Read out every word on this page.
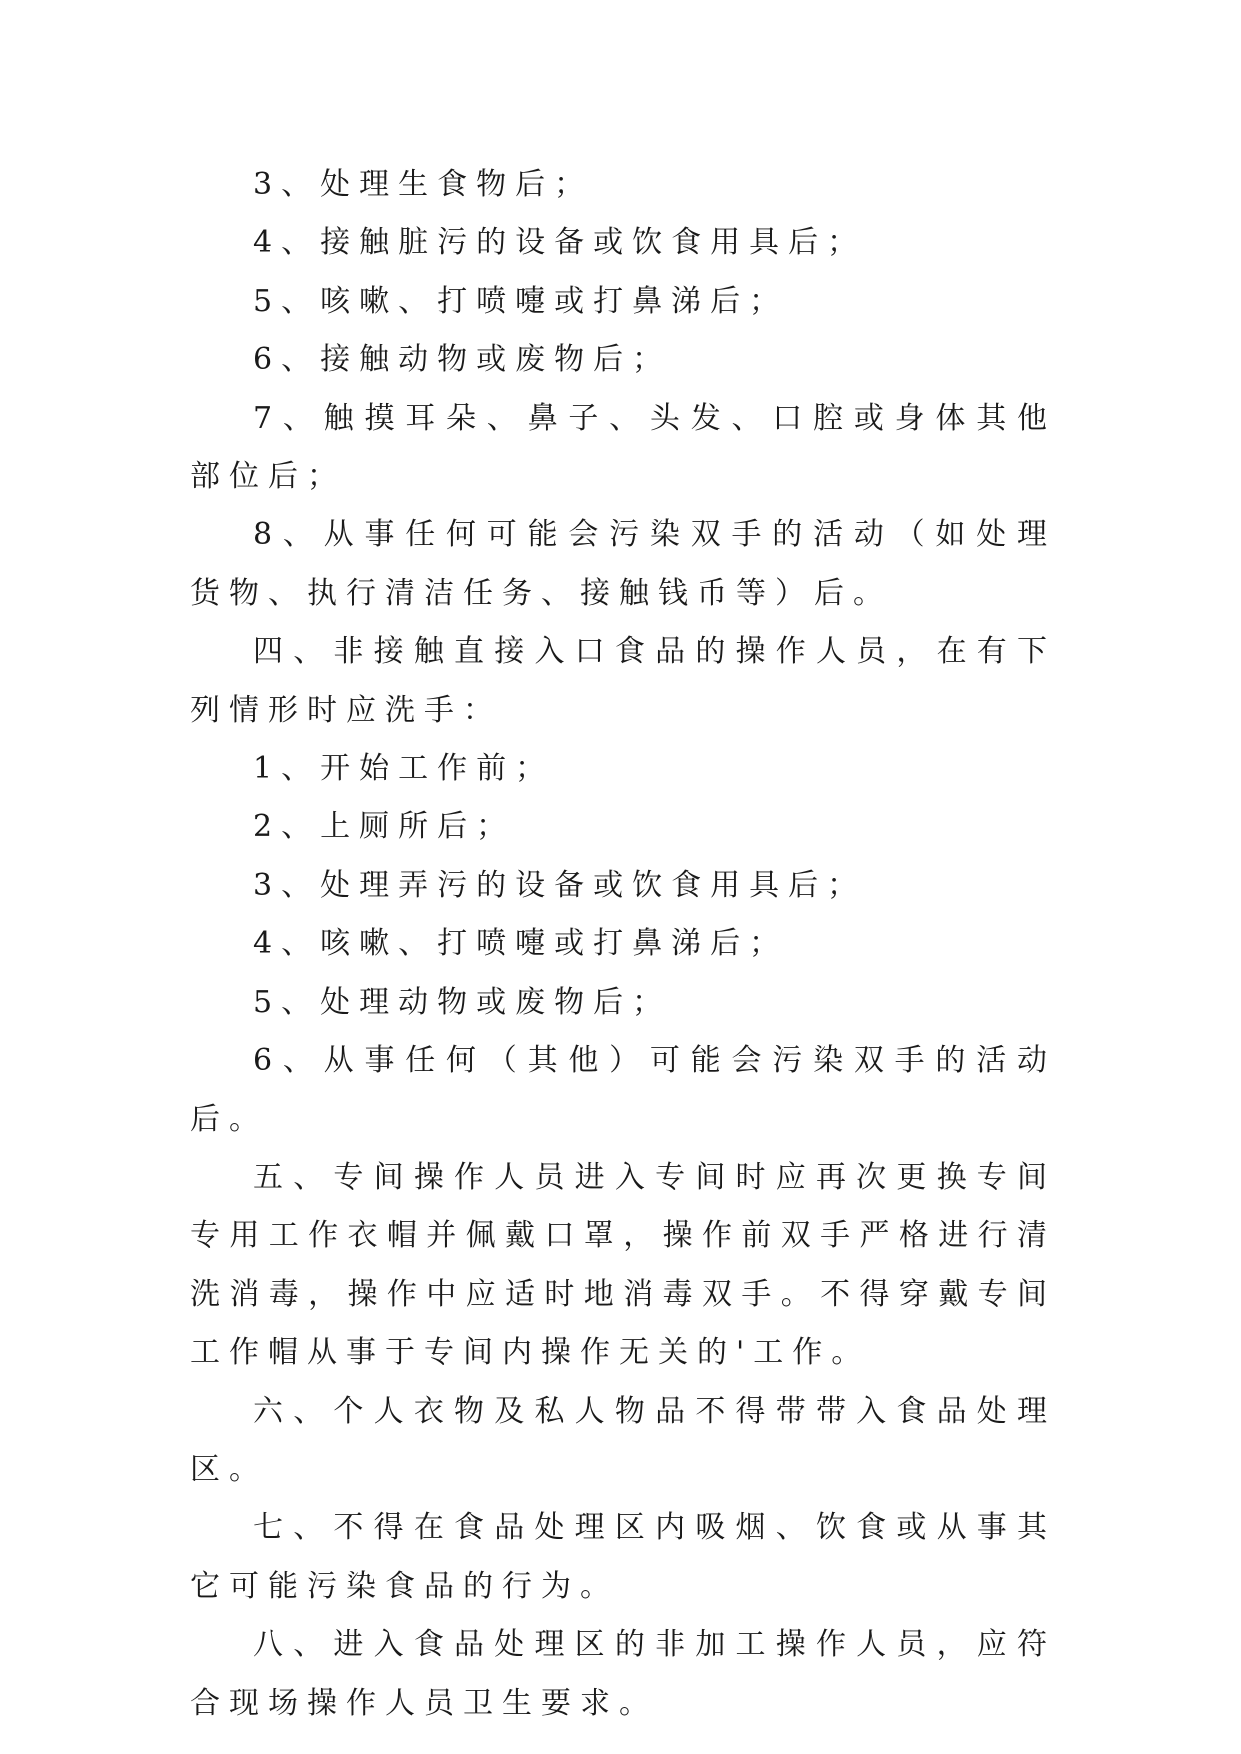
3、处理生食物后；

4、接触脏污的设备或饮食用具后；

5、咳嗽、打喷嚏或打鼻涕后；

6、接触动物或废物后；

7、触摸耳朵、鼻子、头发、口腔或身体其他部位后；

8、从事任何可能会污染双手的活动（如处理货物、执行清洁任务、接触钱币等）后。

四、非接触直接入口食品的操作人员，在有下列情形时应洗手：

1、开始工作前；

2、上厕所后；

3、处理弄污的设备或饮食用具后；

4、咳嗽、打喷嚏或打鼻涕后；

5、处理动物或废物后；

6、从事任何（其他）可能会污染双手的活动后。

五、专间操作人员进入专间时应再次更换专间专用工作衣帽并佩戴口罩，操作前双手严格进行清洗消毒，操作中应适时地消毒双手。不得穿戴专间工作帽从事于专间内操作无关的'工作。

六、个人衣物及私人物品不得带带入食品处理区。

七、不得在食品处理区内吸烟、饮食或从事其它可能污染食品的行为。

八、进入食品处理区的非加工操作人员，应符合现场操作人员卫生要求。
